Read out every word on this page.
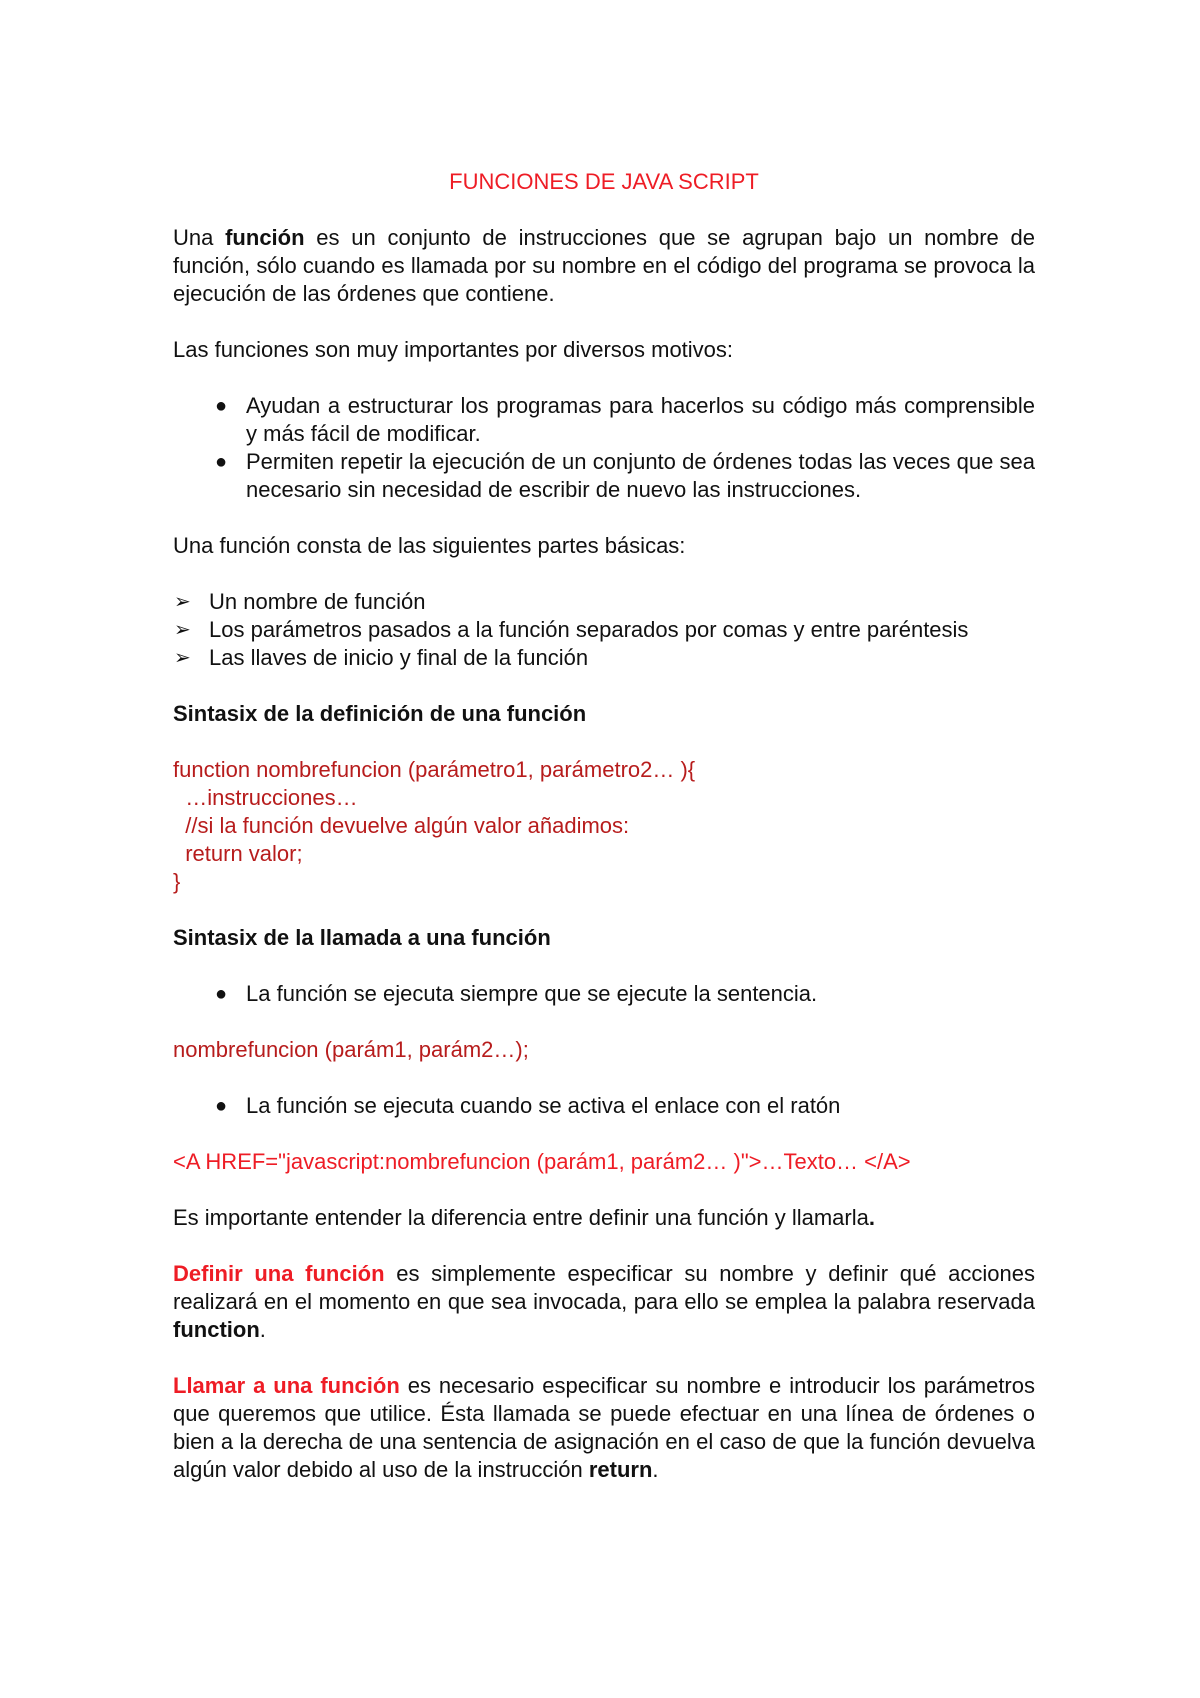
FUNCIONES DE JAVA SCRIPT

Una función es un conjunto de instrucciones que se agrupan bajo un nombre de función, sólo cuando es llamada por su nombre en el código del programa se provoca la ejecución de las órdenes que contiene.

Las funciones son muy importantes por diversos motivos:

● Ayudan a estructurar los programas para hacerlos su código más comprensible y más fácil de modificar.
● Permiten repetir la ejecución de un conjunto de órdenes todas las veces que sea necesario sin necesidad de escribir de nuevo las instrucciones.

Una función consta de las siguientes partes básicas:

➢ Un nombre de función
➢ Los parámetros pasados a la función separados por comas y entre paréntesis
➢ Las llaves de inicio y final de la función
Sintasix de la definición de una función
function nombrefuncion (parámetro1, parámetro2… ){
…instrucciones…
//si la función devuelve algún valor añadimos:
return valor;
}
Sintasix de la llamada a una función
● La función se ejecuta siempre que se ejecute la sentencia.
nombrefuncion (parám1, parám2…);
● La función se ejecuta cuando se activa el enlace con el ratón
<A HREF="javascript:nombrefuncion (parám1, parám2… )">…Texto… </A>

Es importante entender la diferencia entre definir una función y llamarla.

Definir una función es simplemente especificar su nombre y definir qué acciones realizará en el momento en que sea invocada, para ello se emplea la palabra reservada function.

Llamar a una función es necesario especificar su nombre e introducir los parámetros que queremos que utilice. Ésta llamada se puede efectuar en una línea de órdenes o bien a la derecha de una sentencia de asignación en el caso de que la función devuelva algún valor debido al uso de la instrucción return.
